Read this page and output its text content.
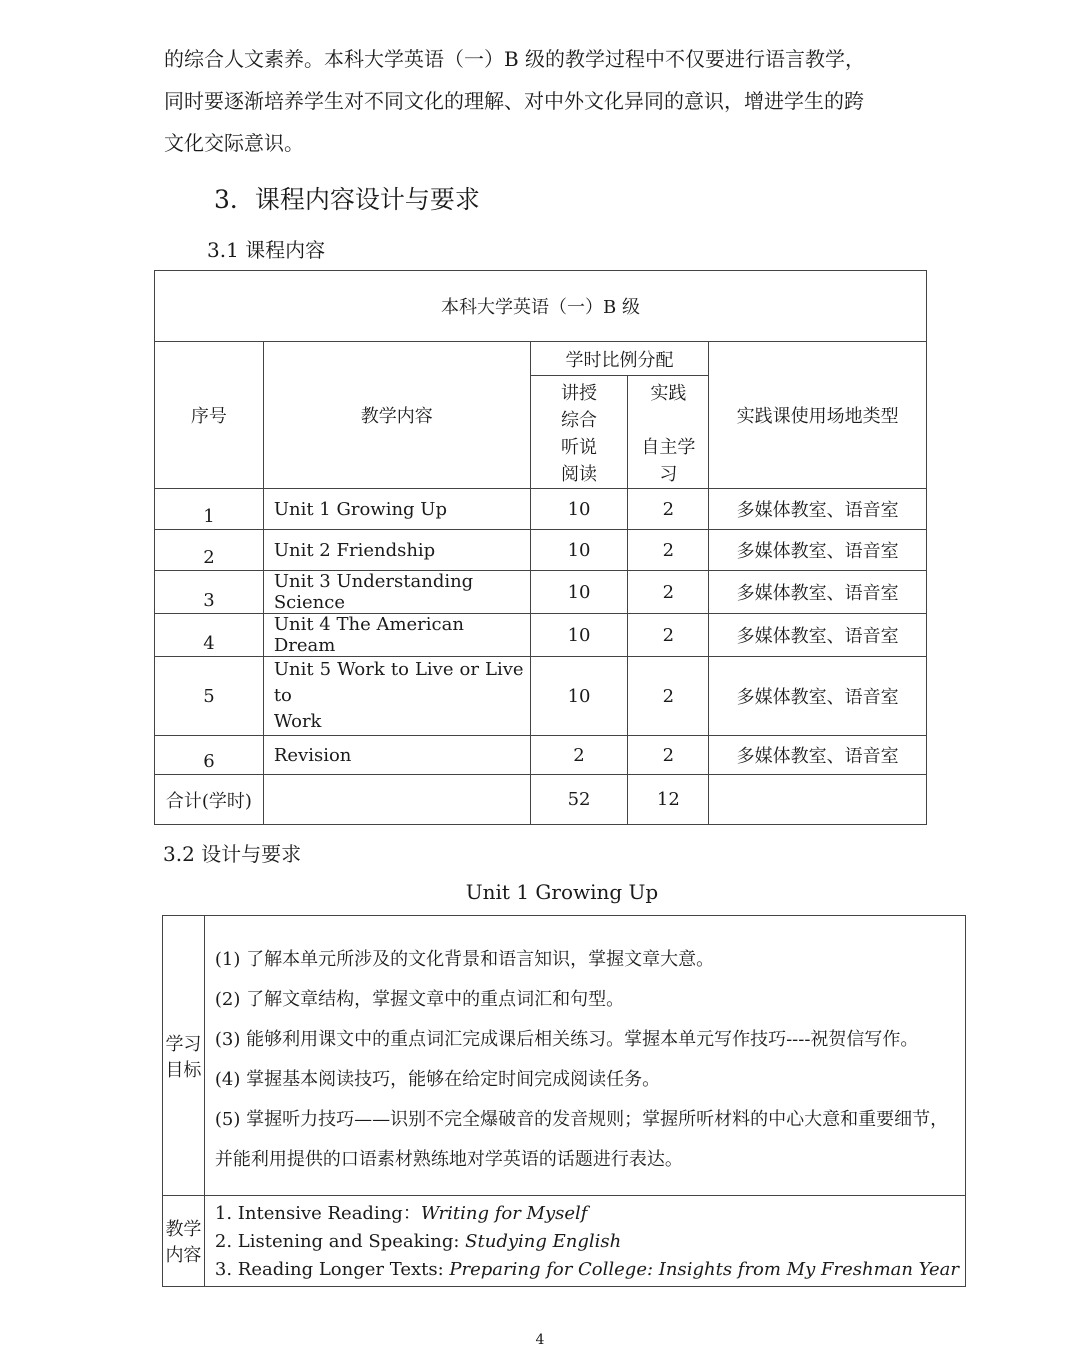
的综合人文素养。本科大学英语（一）B 级的教学过程中不仅要进行语言教学，
同时要逐渐培养学生对不同文化的理解、对中外文化异同的意识，增进学生的跨
文化交际意识。
3．课程内容设计与要求
3.1 课程内容
本科大学英语（一）B 级				
序号	教学内容	学时比例分配		实践课使用场地类型

		讲授
综合
听说
阅读	实践
自主学
习	

1	Unit 1 Growing Up	10	2	多媒体教室、语音室
2	Unit 2 Friendship	10	2	多媒体教室、语音室
3	Unit 3 Understanding Science	10	2	多媒体教室、语音室
4	Unit 4 The American Dream	10	2	多媒体教室、语音室
5	Unit 5 Work to Live or Live to
Work	10	2	多媒体教室、语音室
6	Revision	2	2	多媒体教室、语音室
合计(学时)		52	12	
3.2 设计与要求

Unit 1 Growing Up

学习目标	(1) 了解本单元所涉及的文化背景和语言知识，掌握文章大意。

(2) 了解文章结构，掌握文章中的重点词汇和句型。

(3) 能够利用课文中的重点词汇完成课后相关练习。掌握本单元写作技巧----祝贺信写作。

(4) 掌握基本阅读技巧，能够在给定时间完成阅读任务。

(5) 掌握听力技巧——识别不完全爆破音的发音规则；掌握所听材料的中心大意和重要细节，并能利用提供的口语素材熟练地对学英语的话题进行表达。

教学内容	1. Intensive Reading：Writing for Myself

2. Listening and Speaking: Studying English

3. Reading Longer Texts: Preparing for College: Insights from My Freshman Year

4
